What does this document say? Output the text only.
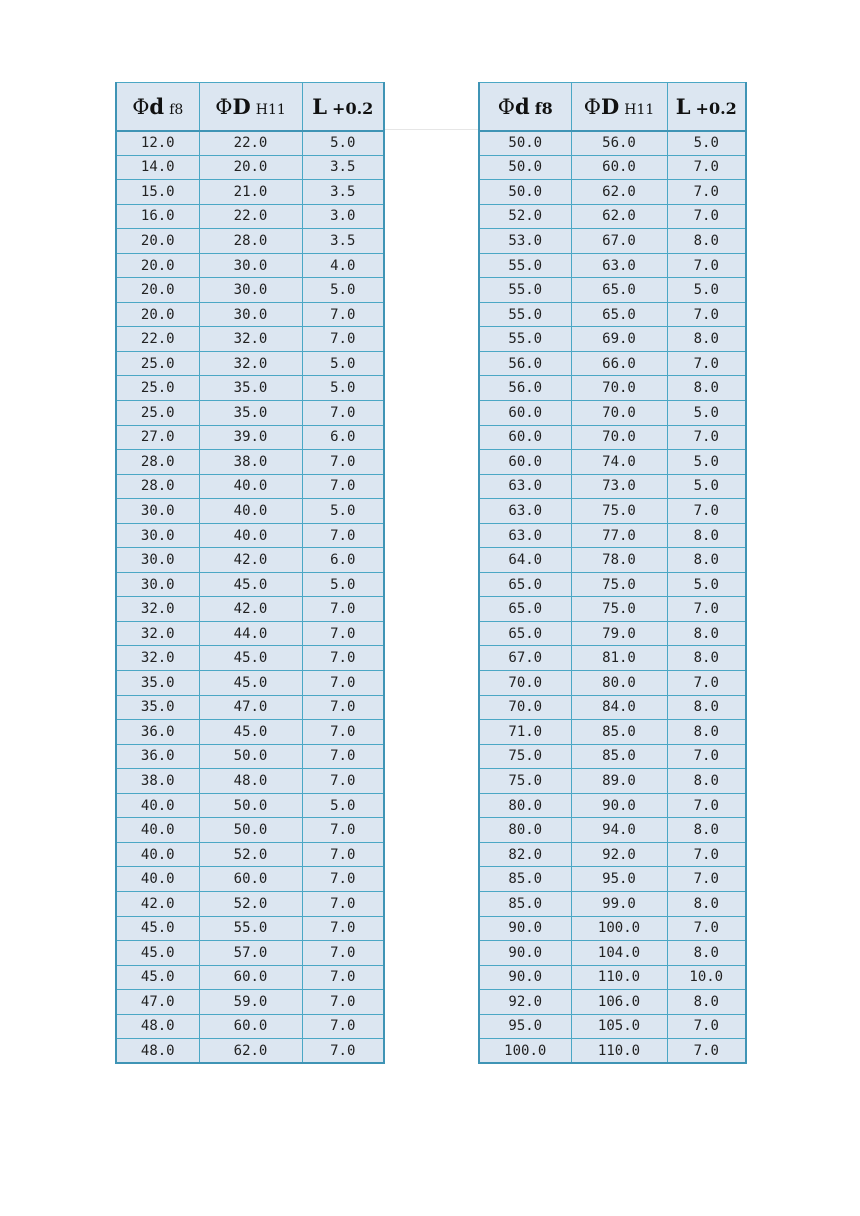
Φd f8	ΦD H11	L +0.2
12.0	22.0	5.0
14.0	20.0	3.5
15.0	21.0	3.5
16.0	22.0	3.0
20.0	28.0	3.5
20.0	30.0	4.0
20.0	30.0	5.0
20.0	30.0	7.0
22.0	32.0	7.0
25.0	32.0	5.0
25.0	35.0	5.0
25.0	35.0	7.0
27.0	39.0	6.0
28.0	38.0	7.0
28.0	40.0	7.0
30.0	40.0	5.0
30.0	40.0	7.0
30.0	42.0	6.0
30.0	45.0	5.0
32.0	42.0	7.0
32.0	44.0	7.0
32.0	45.0	7.0
35.0	45.0	7.0
35.0	47.0	7.0
36.0	45.0	7.0
36.0	50.0	7.0
38.0	48.0	7.0
40.0	50.0	5.0
40.0	50.0	7.0
40.0	52.0	7.0
40.0	60.0	7.0
42.0	52.0	7.0
45.0	55.0	7.0
45.0	57.0	7.0
45.0	60.0	7.0
47.0	59.0	7.0
48.0	60.0	7.0
48.0	62.0	7.0
Φd f8	ΦD H11	L +0.2
50.0	56.0	5.0
50.0	60.0	7.0
50.0	62.0	7.0
52.0	62.0	7.0
53.0	67.0	8.0
55.0	63.0	7.0
55.0	65.0	5.0
55.0	65.0	7.0
55.0	69.0	8.0
56.0	66.0	7.0
56.0	70.0	8.0
60.0	70.0	5.0
60.0	70.0	7.0
60.0	74.0	5.0
63.0	73.0	5.0
63.0	75.0	7.0
63.0	77.0	8.0
64.0	78.0	8.0
65.0	75.0	5.0
65.0	75.0	7.0
65.0	79.0	8.0
67.0	81.0	8.0
70.0	80.0	7.0
70.0	84.0	8.0
71.0	85.0	8.0
75.0	85.0	7.0
75.0	89.0	8.0
80.0	90.0	7.0
80.0	94.0	8.0
82.0	92.0	7.0
85.0	95.0	7.0
85.0	99.0	8.0
90.0	100.0	7.0
90.0	104.0	8.0
90.0	110.0	10.0
92.0	106.0	8.0
95.0	105.0	7.0
100.0	110.0	7.0
